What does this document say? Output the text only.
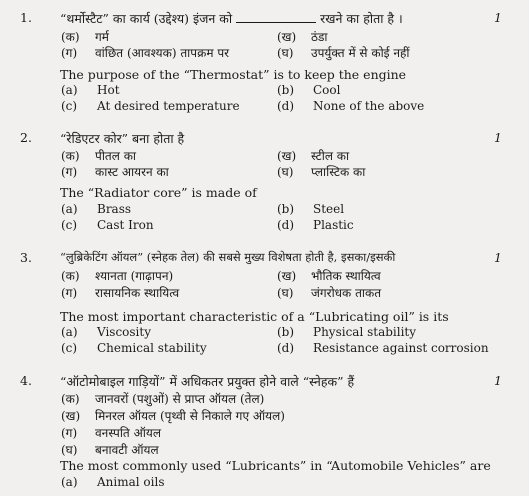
1.	1
“थर्मोस्टैट” का कार्य (उद्देश्य) इंजन को	रखने का होता है ।
(क) गर्म	(ख) ठंडा
(ग) वांछित (आवश्यक) तापक्रम पर	(घ) उपर्युक्त में से कोई नहीं
The purpose of the “Thermostat” is to keep the engine
(a) Hot	(b) Cool
(c) At desired temperature	(d) None of the above
2.	1
“रेडिएटर कोर” बना होता है
(क) पीतल का	(ख) स्टील का
(ग) कास्ट आयरन का	(घ) प्लास्टिक का
The “Radiator core” is made of
(a) Brass	(b) Steel
(c) Cast Iron	(d) Plastic
3.	1
“लुब्रिकेटिंग ऑयल” (स्नेहक तेल) की सबसे मुख्य विशेषता होती है, इसका/इसकी
(क) श्यानता (गाढ़ापन)	(ख) भौतिक स्थायित्व
(ग) रासायनिक स्थायित्व	(घ) जंगरोधक ताकत
The most important characteristic of a “Lubricating oil” is its
(a) Viscosity	(b) Physical stability
(c) Chemical stability	(d) Resistance against corrosion
4.	1
“ऑटोमोबाइल गाड़ियों” में अधिकतर प्रयुक्त होने वाले “स्नेहक” हैं
(क) जानवरों (पशुओं) से प्राप्त ऑयल (तेल)
(ख) मिनरल ऑयल (पृथ्वी से निकाले गए ऑयल)
(ग) वनस्पति ऑयल
(घ) बनावटी ऑयल
The most commonly used “Lubricants” in “Automobile Vehicles” are
(a) Animal oils
